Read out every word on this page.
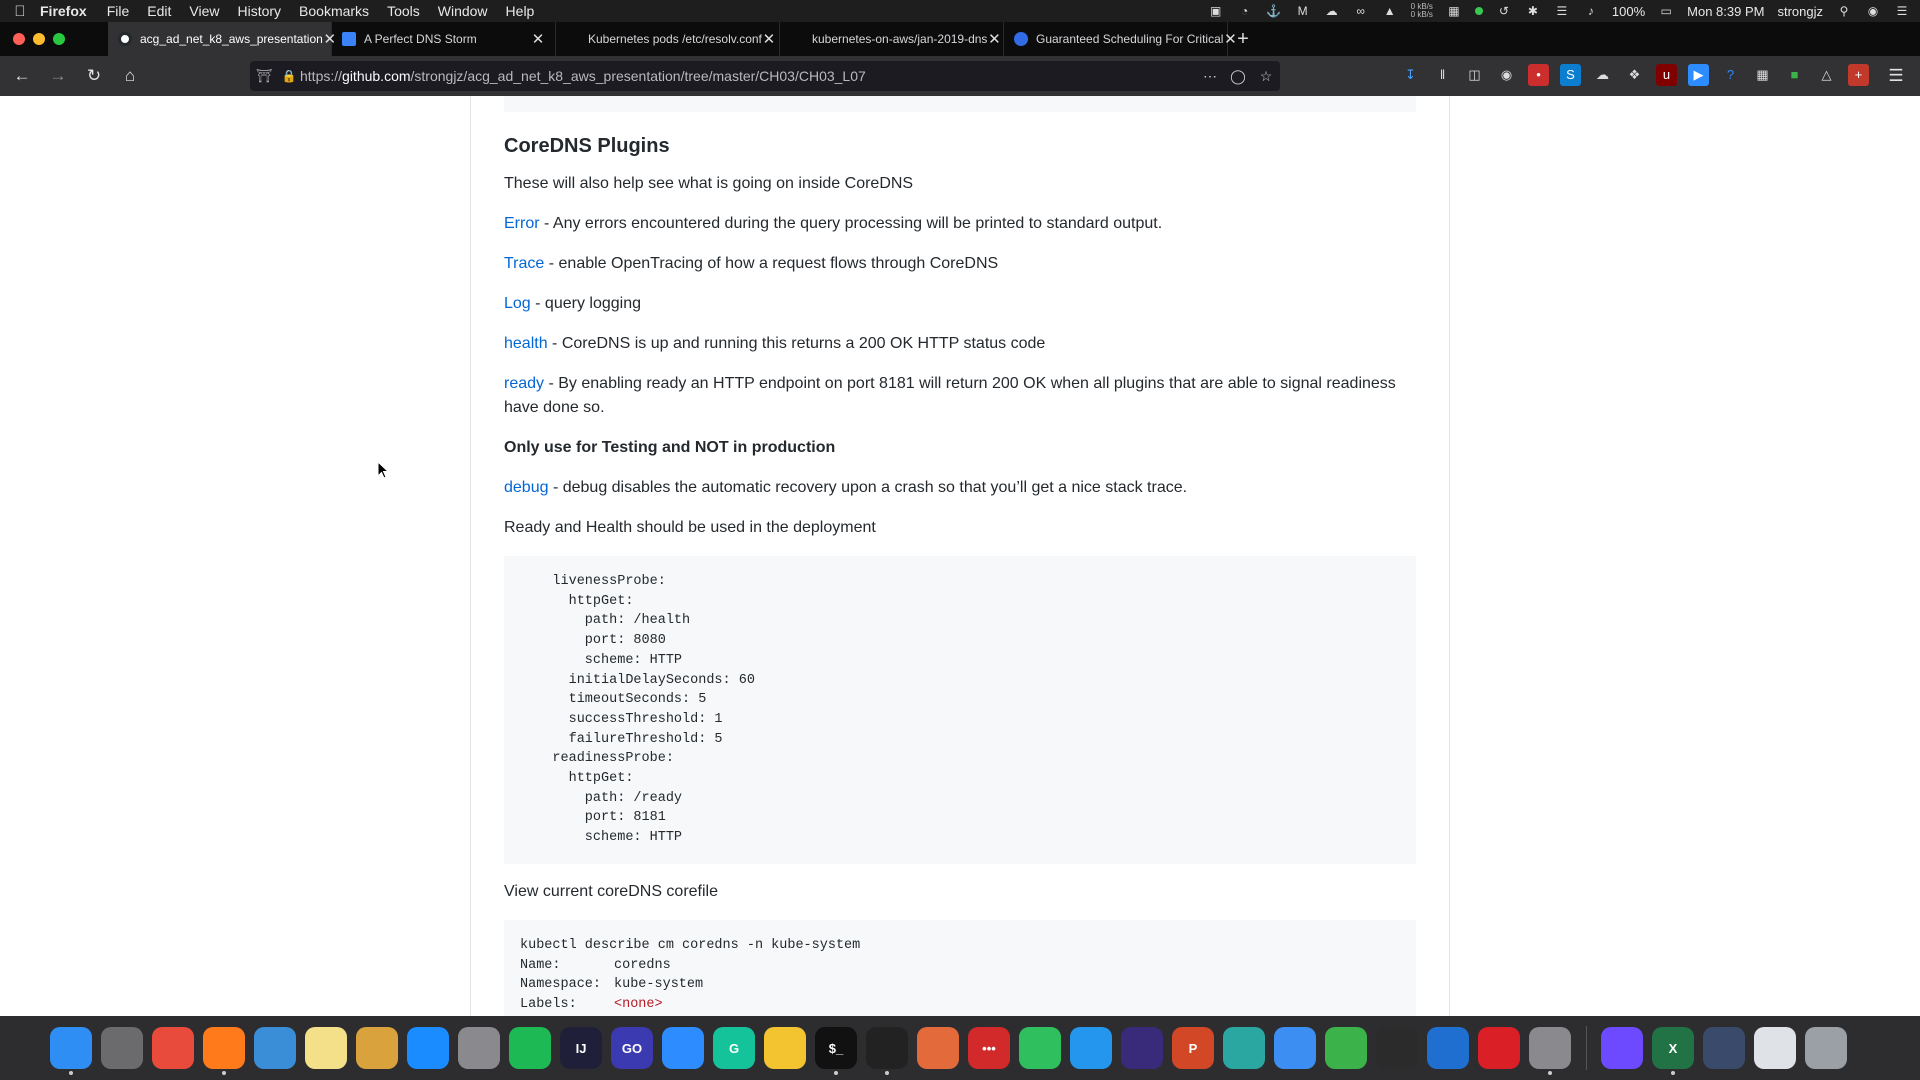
Firefox File Edit View History Bookmarks Tools Window Help	▣	◔	⚓ M ☁	∞	▲ 0 kB/s
0 kB/s ▦	↺ ✱ ☰	♪	100% ▭ Mon 8:39 PM strongjz ⚲	◉ ☰
acg_ad_net_k8_aws_presentation ✕ A Perfect DNS Storm	✕	Kubernetes pods /etc/resolv.conf ✕	kubernetes-on-aws/jan-2019-dns ✕	Guaranteed Scheduling For Critical ✕ +
←	→	↻	⌂	⛩ 🔒 https://github.com/strongjz/acg_ad_net_k8_aws_presentation/tree/master/CH03/CH03_L07	⋯ ◯ ☆	↧	‖	◫	◉	•	S	☁	❖	u	▶	?	▦	■	△	+	☰
CoreDNS Plugins

These will also help see what is going on inside CoreDNS

Error - Any errors encountered during the query processing will be printed to standard output.

Trace - enable OpenTracing of how a request flows through CoreDNS

Log - query logging

health - CoreDNS is up and running this returns a 200 OK HTTP status code

ready - By enabling ready an HTTP endpoint on port 8181 will return 200 OK when all plugins that are able to signal readiness have done so.

Only use for Testing and NOT in production

debug - debug disables the automatic recovery upon a crash so that you’ll get a nice stack trace.

Ready and Health should be used in the deployment

livenessProbe:
httpGet:
path: /health
port: 8080
scheme: HTTP
initialDelaySeconds: 60
timeoutSeconds: 5
successThreshold: 1
failureThreshold: 5
readinessProbe:
httpGet:
path: /ready
port: 8181
scheme: HTTP

View current coreDNS corefile

kubectl describe cm coredns -n kube-system
Name:	coredns
Namespace: kube-system
Labels:	<none>
IJ	GO	G	$_	•••	P	X
